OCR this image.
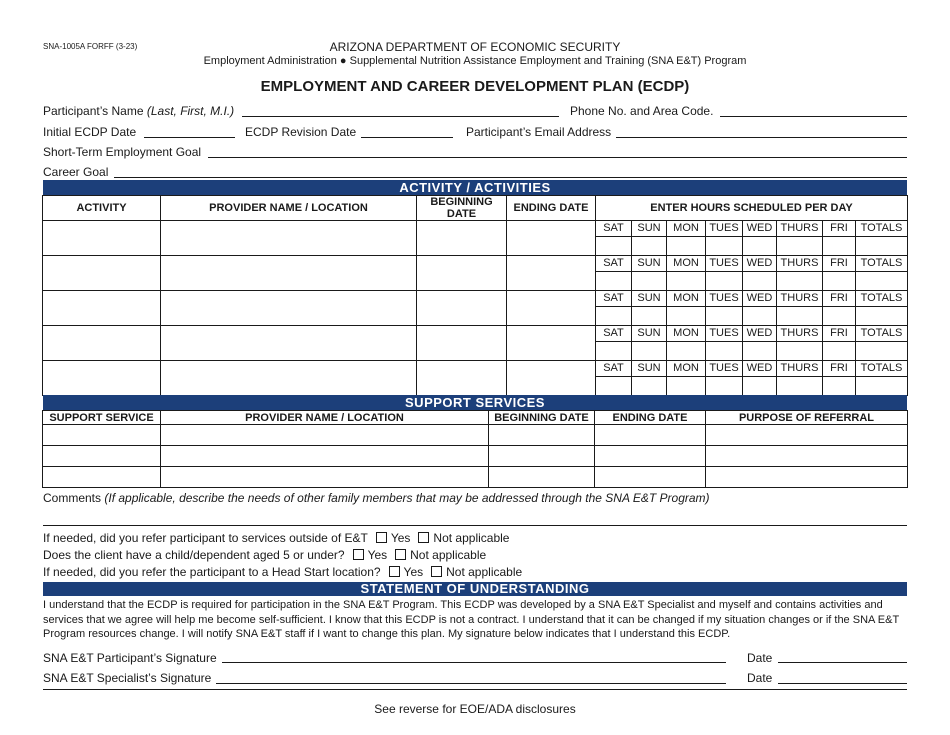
SNA-1005A FORFF (3-23)	ARIZONA DEPARTMENT OF ECONOMIC SECURITY
Employment Administration ● Supplemental Nutrition Assistance Employment and Training (SNA E&T) Program
EMPLOYMENT AND CAREER DEVELOPMENT PLAN (ECDP)
Participant’s Name (Last, First, M.I.)	Phone No. and Area Code.
Initial ECDP Date	ECDP Revision Date	Participant’s Email Address
Short-Term Employment Goal
Career Goal
ACTIVITY / ACTIVITIES
ACTIVITY	PROVIDER NAME / LOCATION	BEGINNING DATE	ENDING DATE	ENTER HOURS SCHEDULED PER DAY							
				SAT	SUN	MON	TUES	WED	THURS	FRI	TOTALS

				SAT	SUN	MON	TUES	WED	THURS	FRI	TOTALS

				SAT	SUN	MON	TUES	WED	THURS	FRI	TOTALS

				SAT	SUN	MON	TUES	WED	THURS	FRI	TOTALS

				SAT	SUN	MON	TUES	WED	THURS	FRI	TOTALS

SUPPORT SERVICES
SUPPORT SERVICE	PROVIDER NAME / LOCATION	BEGINNING DATE	ENDING DATE	PURPOSE OF REFERRAL

Comments (If applicable, describe the needs of other family members that may be addressed through the SNA E&T Program)
If needed, did you refer participant to services outside of E&T Yes Not applicable
Does the client have a child/dependent aged 5 or under? Yes Not applicable
If needed, did you refer the participant to a Head Start location? Yes Not applicable
STATEMENT OF UNDERSTANDING
I understand that the ECDP is required for participation in the SNA E&T Program. This ECDP was developed by a SNA E&T Specialist and myself and contains activities and services that we agree will help me become self-sufficient. I know that this ECDP is not a contract. I understand that it can be changed if my situation changes or if the SNA E&T Program resources change. I will notify SNA E&T staff if I want to change this plan. My signature below indicates that I understand this ECDP.
SNA E&T Participant’s Signature	Date
SNA E&T Specialist’s Signature	Date
See reverse for EOE/ADA disclosures
